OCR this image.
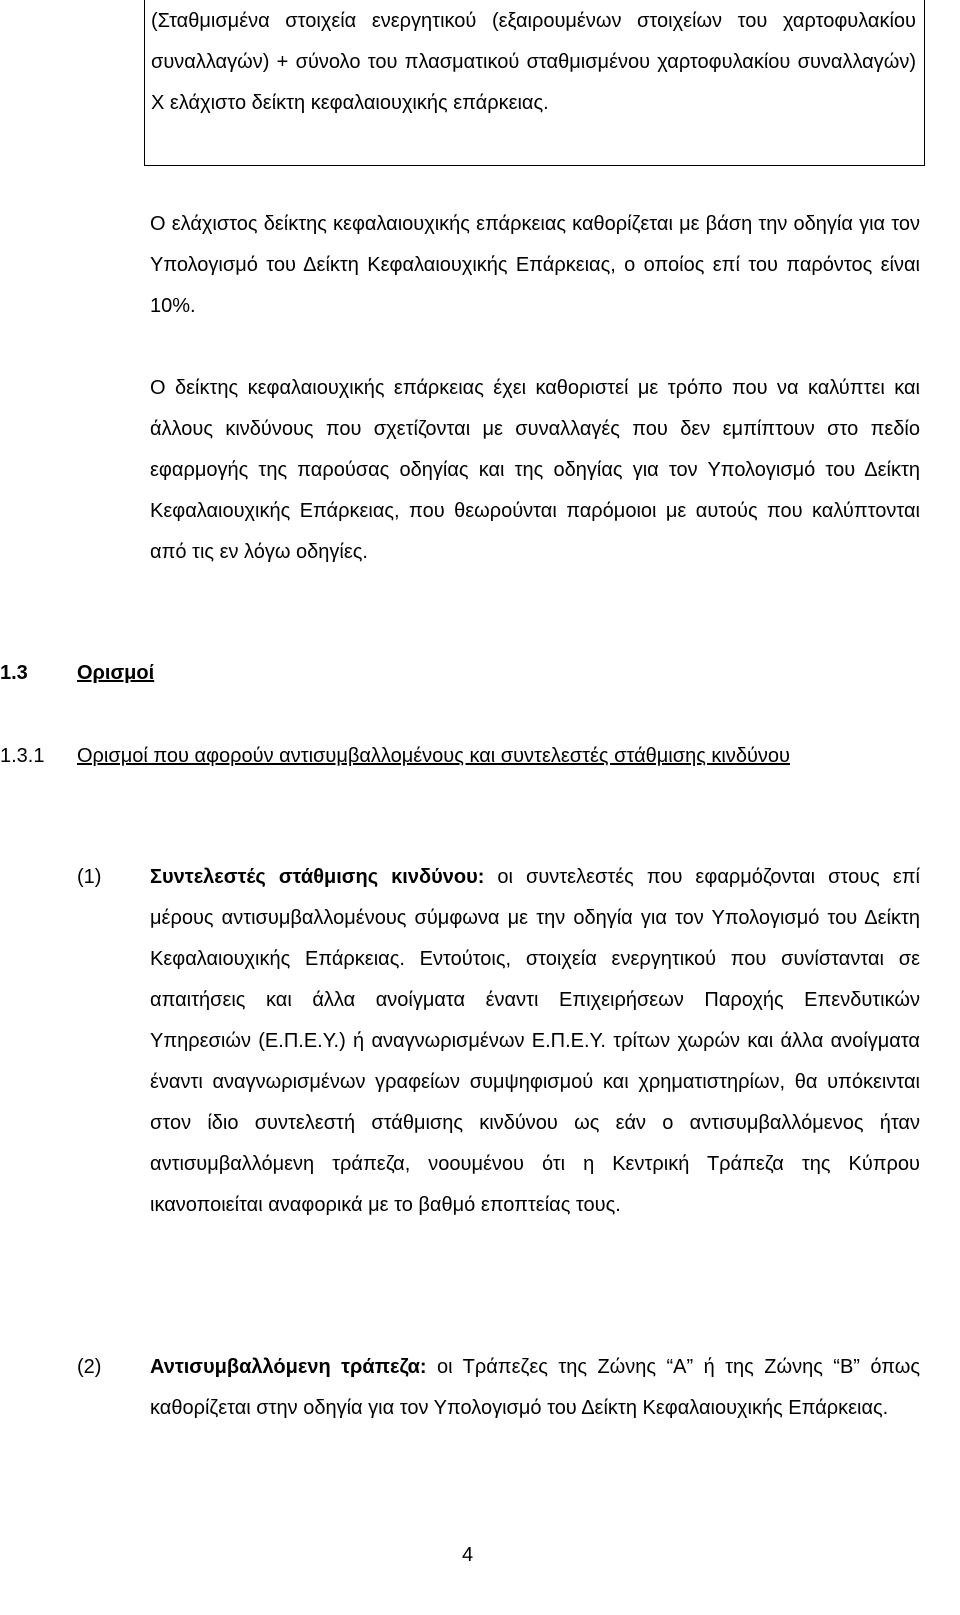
(Σταθμισμένα στοιχεία ενεργητικού (εξαιρουμένων στοιχείων του χαρτοφυλακίου συναλλαγών) + σύνολο του πλασματικού σταθμισμένου χαρτοφυλακίου συναλλαγών) Χ ελάχιστο δείκτη κεφαλαιουχικής επάρκειας.
Ο ελάχιστος δείκτης κεφαλαιουχικής επάρκειας καθορίζεται με βάση την οδηγία για τον Υπολογισμό του Δείκτη Κεφαλαιουχικής Επάρκειας, ο οποίος επί του παρόντος είναι 10%.
Ο δείκτης κεφαλαιουχικής επάρκειας έχει καθοριστεί με τρόπο που να καλύπτει και άλλους κινδύνους που σχετίζονται με συναλλαγές που δεν εμπίπτουν στο πεδίο εφαρμογής της παρούσας οδηγίας και της οδηγίας για τον Υπολογισμό του Δείκτη Κεφαλαιουχικής Επάρκειας, που θεωρούνται παρόμοιοι με αυτούς που καλύπτονται από τις εν λόγω οδηγίες.
1.3 Ορισμοί
1.3.1 Ορισμοί που αφορούν αντισυμβαλλομένους και συντελεστές στάθμισης κινδύνου
(1) Συντελεστές στάθμισης κινδύνου: οι συντελεστές που εφαρμόζονται στους επί μέρους αντισυμβαλλομένους σύμφωνα με την οδηγία για τον Υπολογισμό του Δείκτη Κεφαλαιουχικής Επάρκειας. Εντούτοις, στοιχεία ενεργητικού που συνίστανται σε απαιτήσεις και άλλα ανοίγματα έναντι Επιχειρήσεων Παροχής Επενδυτικών Υπηρεσιών (Ε.Π.Ε.Υ.) ή αναγνωρισμένων Ε.Π.Ε.Υ. τρίτων χωρών και άλλα ανοίγματα έναντι αναγνωρισμένων γραφείων συμψηφισμού και χρηματιστηρίων, θα υπόκεινται στον ίδιο συντελεστή στάθμισης κινδύνου ως εάν ο αντισυμβαλλόμενος ήταν αντισυμβαλλόμενη τράπεζα, νοουμένου ότι η Κεντρική Τράπεζα της Κύπρου ικανοποιείται αναφορικά με το βαθμό εποπτείας τους.
(2) Αντισυμβαλλόμενη τράπεζα: οι Τράπεζες της Ζώνης “Α” ή της Ζώνης “Β” όπως καθορίζεται στην οδηγία για τον Υπολογισμό του Δείκτη Κεφαλαιουχικής Επάρκειας.
4
